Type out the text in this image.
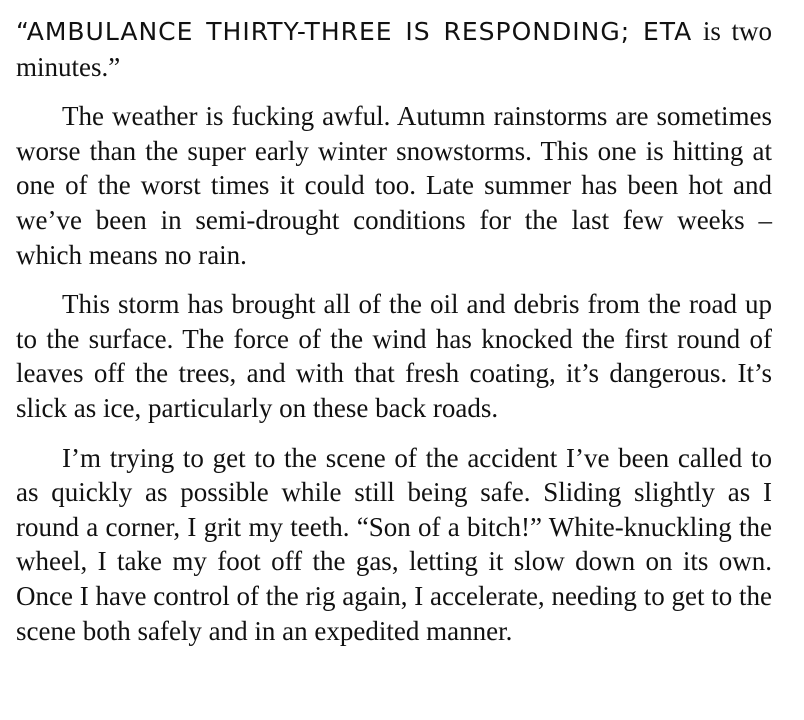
“AMBULANCE THIRTY-THREE IS RESPONDING; ETA is two minutes.”

The weather is fucking awful. Autumn rainstorms are sometimes worse than the super early winter snowstorms. This one is hitting at one of the worst times it could too. Late summer has been hot and we’ve been in semi-drought conditions for the last few weeks – which means no rain.

This storm has brought all of the oil and debris from the road up to the surface. The force of the wind has knocked the first round of leaves off the trees, and with that fresh coating, it’s dangerous. It’s slick as ice, particularly on these back roads.

I’m trying to get to the scene of the accident I’ve been called to as quickly as possible while still being safe. Sliding slightly as I round a corner, I grit my teeth. “Son of a bitch!” White-knuckling the wheel, I take my foot off the gas, letting it slow down on its own. Once I have control of the rig again, I accelerate, needing to get to the scene both safely and in an expedited manner.
